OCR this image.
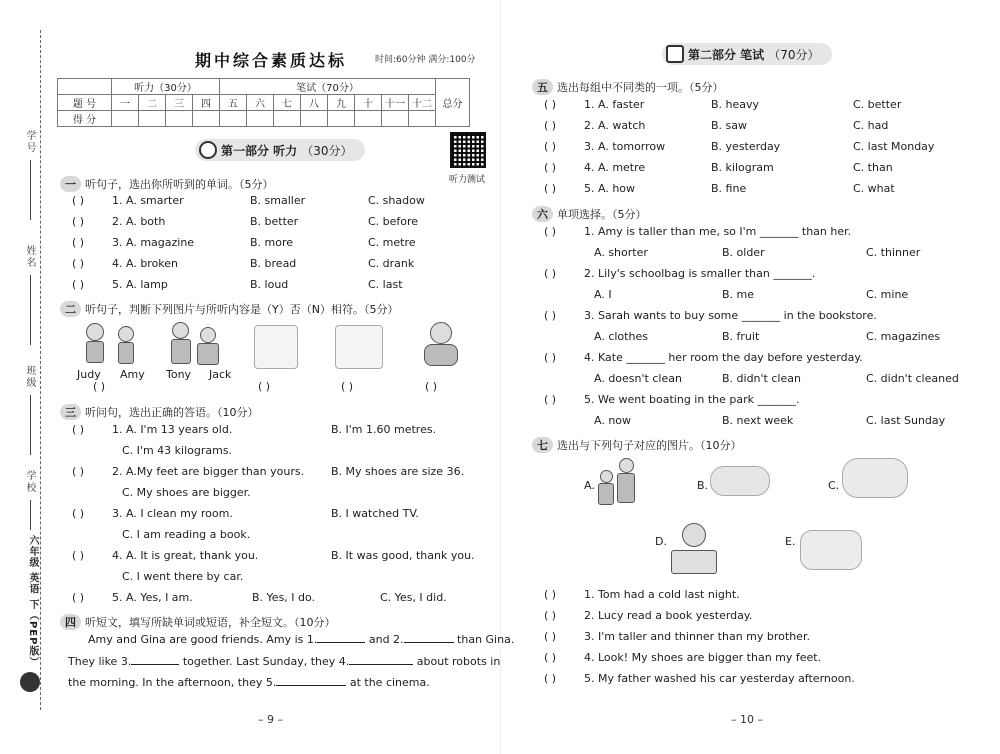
学号
姓名
班级
学校
六年级 英语 下（PEP版）
期中综合素质达标	时间:60分钟 满分:100分
	听力（30分）				笔试（70分）								总分
题 号	一	二	三	四	五	六	七	八	九	十	十一	十二	
得 分													
第一部分 听力 （30分）
听力测试
一 听句子，选出你所听到的单词。（5分）
( )	1. A. smarter	B. smaller	C. shadow
( )	2. A. both	B. better	C. before
( )	3. A. magazine	B. more	C. metre
( )	4. A. broken	B. bread	C. drank
( )	5. A. lamp	B. loud	C. last
二 听句子，判断下列图片与所听内容是（Y）否（N）相符。（5分）
Judy Amy Tony Jack
( )	( )	( )	( )
三 听问句，选出正确的答语。（10分）
( )	1. A. I'm 13 years old.	B. I'm 1.60 metres.
C. I'm 43 kilograms.
( )	2. A.My feet are bigger than yours. B. My shoes are size 36.
C. My shoes are bigger.
( )	3. A. I clean my room.	B. I watched TV.
C. I am reading a book.
( )	4. A. It is great, thank you.	B. It was good, thank you.
C. I went there by car.
( )	5. A. Yes, I am.	B. Yes, I do.	C. Yes, I did.
四 听短文，填写所缺单词或短语，补全短文。（10分）
Amy and Gina are good friends. Amy is 1.	and 2.	than Gina.
They like 3.	together. Last Sunday, they 4.	about robots in
the morning. In the afternoon, they 5.	at the cinema.
– 9 –
第二部分 笔试 （70分）
五 选出每组中不同类的一项。（5分）
( )	1. A. faster	B. heavy	C. better
( )	2. A. watch	B. saw	C. had
( )	3. A. tomorrow	B. yesterday	C. last Monday
( )	4. A. metre	B. kilogram	C. than
( )	5. A. how	B. fine	C. what
六 单项选择。（5分）
( )	1. Amy is taller than me, so I'm _______ than her.
A. shorter	B. older	C. thinner
( )	2. Lily's schoolbag is smaller than _______.
A. I	B. me	C. mine
( )	3. Sarah wants to buy some _______ in the bookstore.
A. clothes	B. fruit	C. magazines
( )	4. Kate _______ her room the day before yesterday.
A. doesn't clean	B. didn't clean	C. didn't cleaned
( )	5. We went boating in the park _______.
A. now	B. next week	C. last Sunday
七 选出与下列句子对应的图片。（10分）
A.	B.	C.
D.	E.
( )	1. Tom had a cold last night.
( )	2. Lucy read a book yesterday.
( )	3. I'm taller and thinner than my brother.
( )	4. Look! My shoes are bigger than my feet.
( )	5. My father washed his car yesterday afternoon.
– 10 –
